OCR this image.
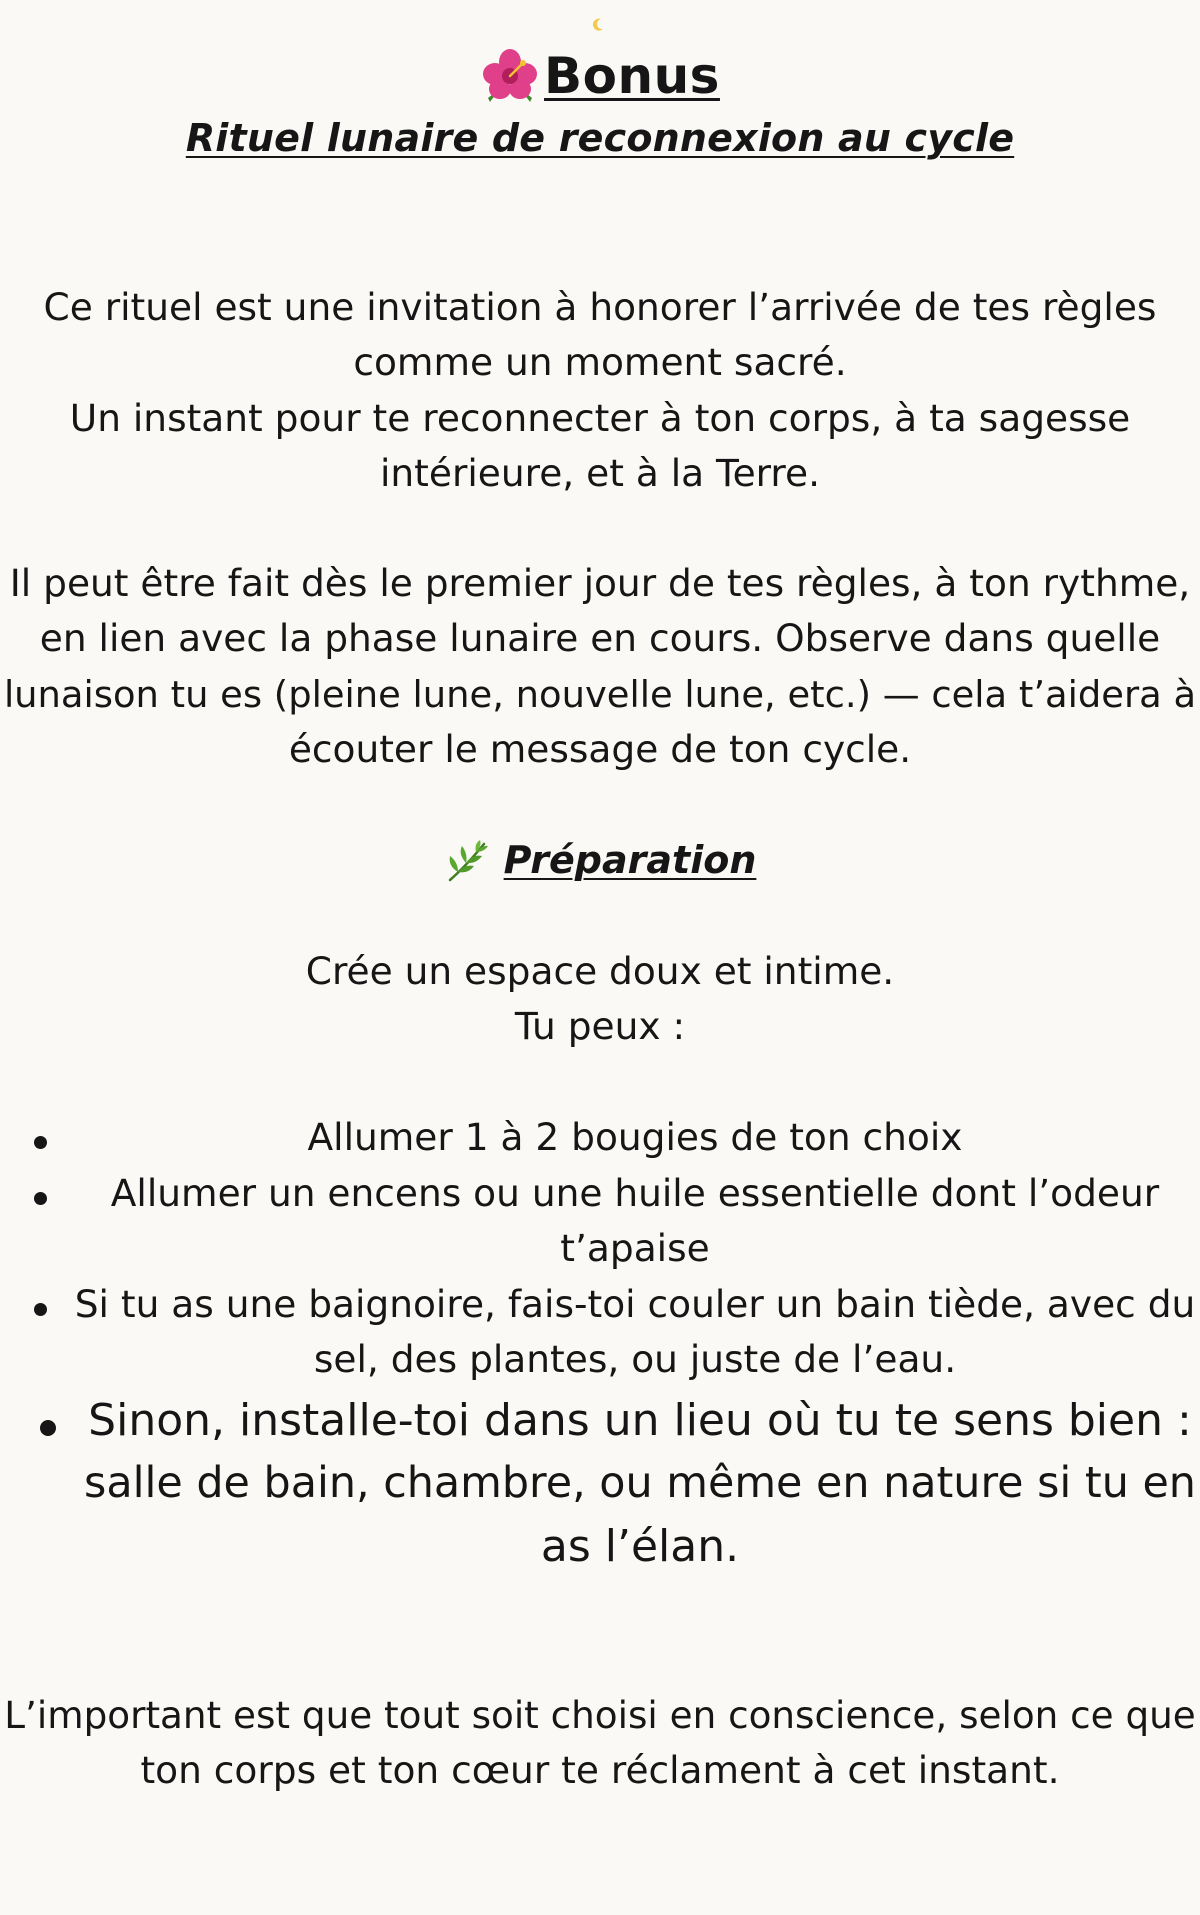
Bonus
Rituel lunaire de reconnexion au cycle
Ce rituel est une invitation à honorer l’arrivée de tes règles
comme un moment sacré.
Un instant pour te reconnecter à ton corps, à ta sagesse
intérieure, et à la Terre.
Il peut être fait dès le premier jour de tes règles, à ton rythme,
en lien avec la phase lunaire en cours. Observe dans quelle
lunaison tu es (pleine lune, nouvelle lune, etc.) — cela t’aidera à
écouter le message de ton cycle.
Préparation
Crée un espace doux et intime.
Tu peux :
Allumer 1 à 2 bougies de ton choix
Allumer un encens ou une huile essentielle dont l’odeur
t’apaise
Si tu as une baignoire, fais-toi couler un bain tiède, avec du
sel, des plantes, ou juste de l’eau.
Sinon, installe-toi dans un lieu où tu te sens bien :
salle de bain, chambre, ou même en nature si tu en
as l’élan.
L’important est que tout soit choisi en conscience, selon ce que
ton corps et ton cœur te réclament à cet instant.
